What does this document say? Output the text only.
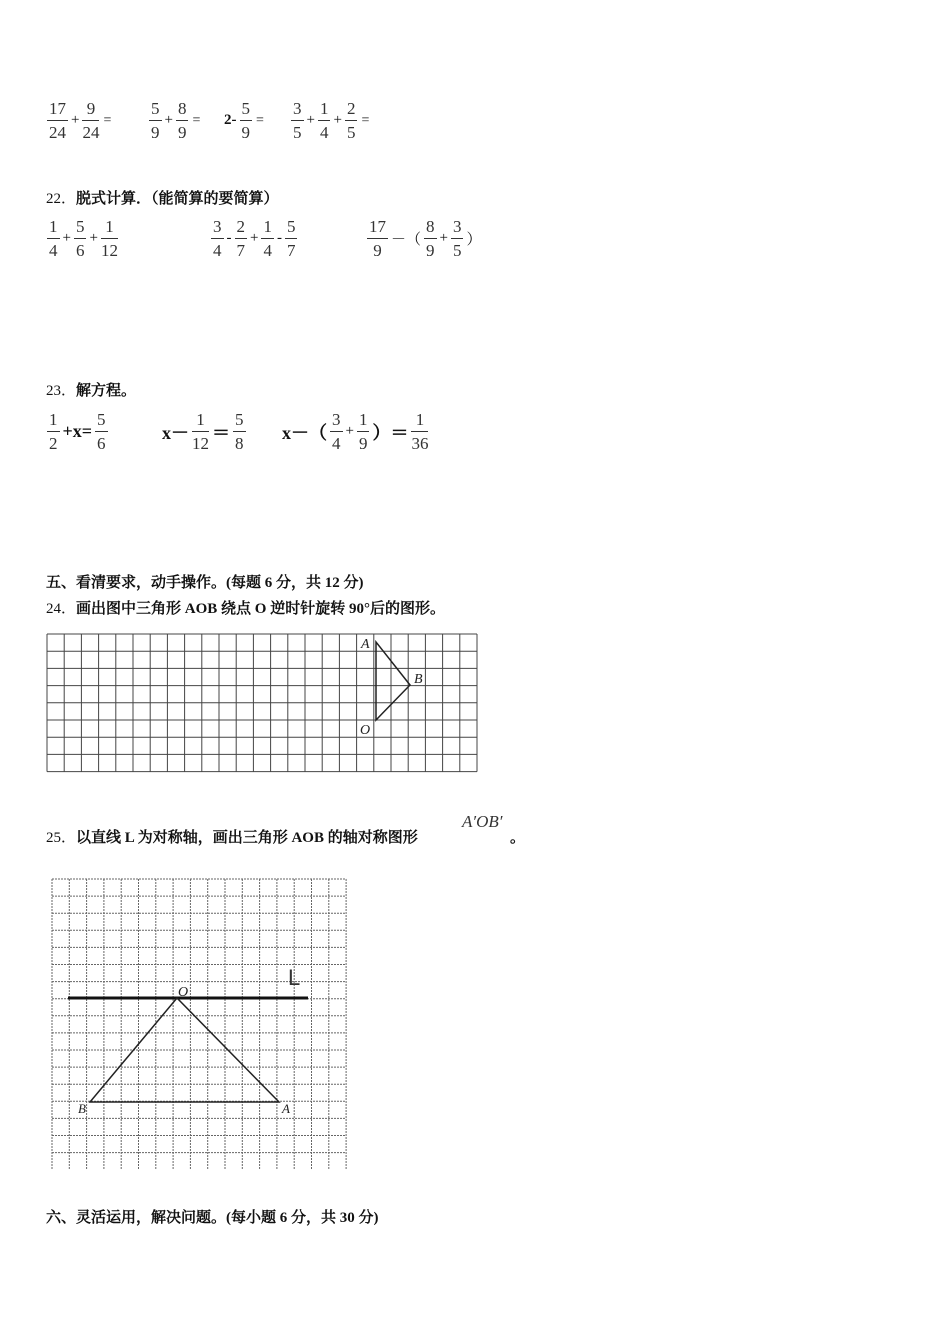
$\frac{17}{24} + \frac{9}{24} = \frac{5}{9} + \frac{8}{9} = 2- \frac{5}{9} = \frac{3}{5} + \frac{1}{4} + \frac{2}{5}$ =
22．脱式计算．（能简算的要简算）
$\frac{1}{4} + \frac{5}{6} + \frac{1}{12}$	$\frac{3}{4} - \frac{2}{7} + \frac{1}{4} - \frac{5}{7}$	$\frac{17}{9}$ －（ $\frac{8}{9} + \frac{3}{5}$ ）
23．解方程。
$\frac{1}{2} +x= \frac{5}{6}$	$x- \frac{1}{12} = \frac{5}{8} x-( \frac{3}{4} + \frac{1}{9}$ ）＝ $\frac{1}{36}$
五、看清要求，动手操作。(每题 6 分，共 12 分)
24．画出图中三角形 AOB 绕点 O 逆时针旋转 90°后的图形。
A
B
O
25．以直线 L 为对称轴，画出三角形 AOB 的轴对称图形
A′OB′
。
O
B	A
L
六、灵活运用，解决问题。(每小题 6 分，共 30 分)
